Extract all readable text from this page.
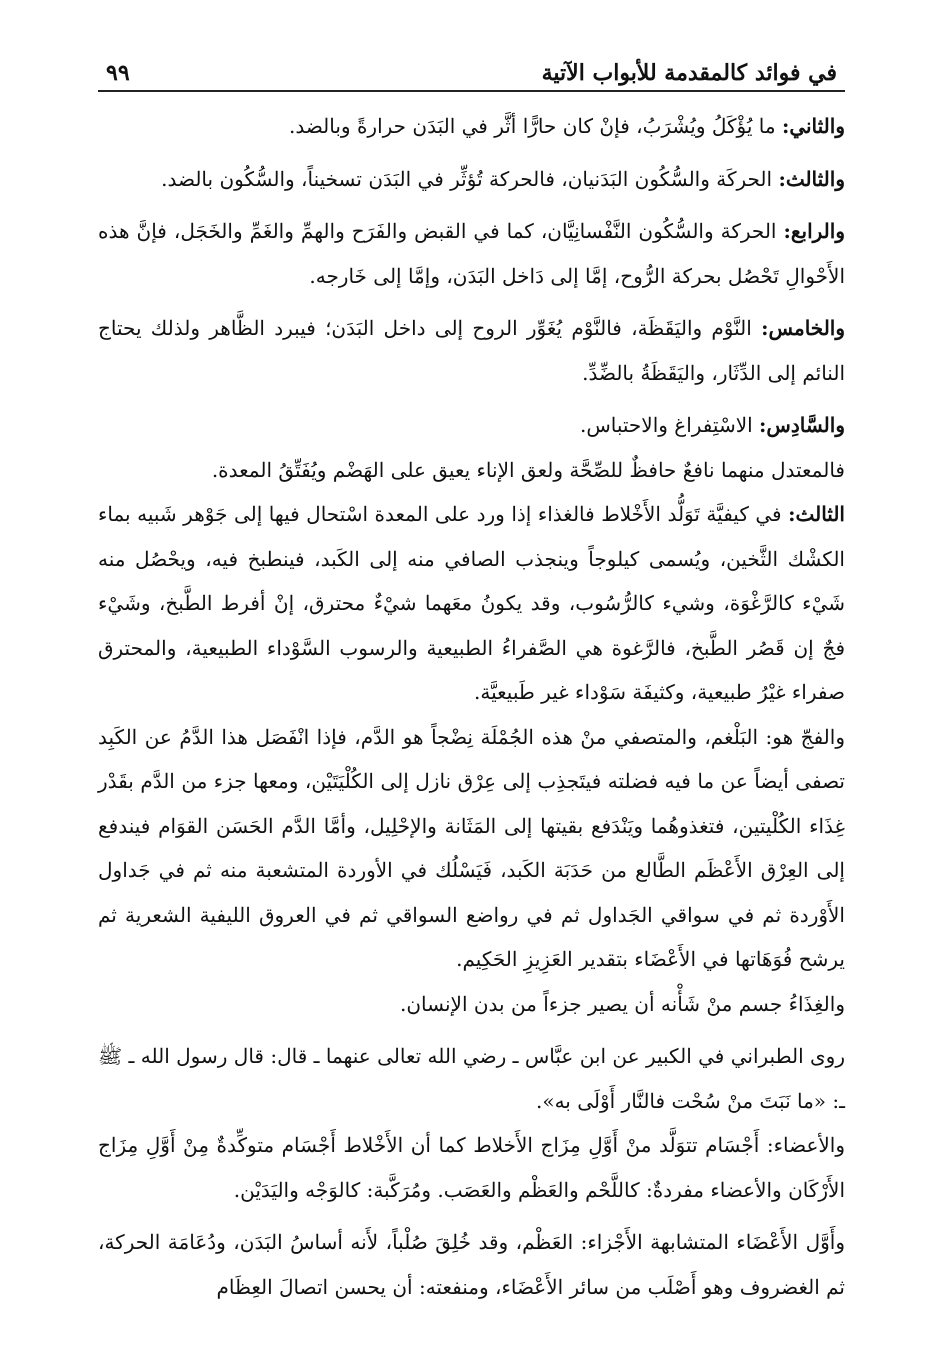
في فوائد كالمقدمة للأبواب الآتية
٩٩

والثاني: ما يُؤْكَلُ ويُشْرَبُ، فإنْ كان حارًّا أثَّر في البَدَن حرارةً وبالضد.

والثالث: الحركَة والسُّكُون البَدَنيان، فالحركة تُؤثِّر في البَدَن تسخيناً، والسُّكُون بالضد.

والرابع: الحركة والسُّكُون النَّفْسانِيَّان، كما في القبض والفَرَح والهمِّ والغَمِّ والخَجَل، فإنَّ هذه الأَحْوالِ تَحْصُل بحركة الرُّوح، إمَّا إلى دَاخل البَدَن، وإمَّا إلى خَارجه.

والخامس: النَّوْم واليَقَظَة، فالنَّوْم يُغَوِّر الروح إلى داخل البَدَن؛ فيبرد الظَّاهر ولذلك يحتاج النائم إلى الدِّثَار، واليَقَظَةُ بالضِّدِّ.

والسَّادِس: الاسْتِفراغ والاحتباس.

فالمعتدل منهما نافعٌ حافظٌ للصِّحَّة ولعق الإناء يعيق على الهَضْم ويُفَتِّقُ المعدة.

الثالث: في كيفيَّة تَوَلُّد الأَخْلاط فالغذاء إذا ورد على المعدة اسْتحال فيها إلى جَوْهر شَبيه بماء الكشْك الثَّخين، ويُسمى كيلوجاً وينجذب الصافي منه إلى الكَبد، فينطبخ فيه، ويحْصُل منه شَيْء كالرَّغْوَة، وشيء كالرُّسُوب، وقد يكونُ معَهما شيْءٌ محترق، إنْ أفرط الطَّبخ، وشَيْء فجٌ إن قَصُر الطَّبخ، فالرَّغوة هي الصَّفراءُ الطبيعية والرسوب السَّوْداء الطبيعية، والمحترق صفراء غيْرُ طبيعية، وكثيفَة سَوْداء غير طَبيعيَّة.

والفجّ هو: البَلْغم، والمتصفي منْ هذه الجُمْلَة نِضْجاً هو الدَّم، فإذا انْفَصَل هذا الدَّمُ عن الكَبِد تصفى أيضاً عن ما فيه فضلته فيتَجذِب إلى عِرْق نازل إلى الكُلْيَتَيْن، ومعها جزء من الدَّم بقَدْر غِذَاء الكُلْيتين، فتغذوهُما ويَنْدَفع بقيتها إلى المَثَانة والإحْلِيل، وأمَّا الدَّم الحَسَن القوَام فيندفع إلى العِرْق الأَعْظَم الطَّالع من حَدَبَة الكَبد، فَيَسْلُك في الأوردة المتشعبة منه ثم في جَداول الأَوْردة ثم في سواقي الجَداول ثم في رواضع السواقي ثم في العروق الليفية الشعرية ثم يرشح فُوَهَاتها في الأَعْضَاء بتقدير العَزِيزِ الحَكِيم.

والغِذَاءُ جسم منْ شَأْنه أن يصير جزءاً من بدن الإنسان.

روى الطبراني في الكبير عن ابن عبَّاس ـ رضي الله تعالى عنهما ـ قال: قال رسول الله ـ ﷺ ـ: «ما نَبَتَ منْ سُحْت فالنَّار أَوْلَى به».

والأعضاء: أَجْسَام تتوَلَّد منْ أَوَّلِ مِزَاج الأَخلاط كما أن الأَخْلاط أَجْسَام متوكِّدةٌ مِنْ أَوَّلِ مِزَاج الأَرْكَان والأعضاء مفردةٌ: كاللَّحْم والعَظْم والعَصَب. ومُرَكَّبة: كالوَجْه واليَدَيْن.

وأَوَّل الأَعْضَاء المتشابهة الأَجْزاء: العَظْم، وقد خُلِقَ صُلْباً، لأَنه أساسُ البَدَن، ودُعَامَة الحركة، ثم الغضروف وهو أَصْلَب من سائر الأَعْضَاء، ومنفعته: أن يحسن اتصالَ العِظَام
